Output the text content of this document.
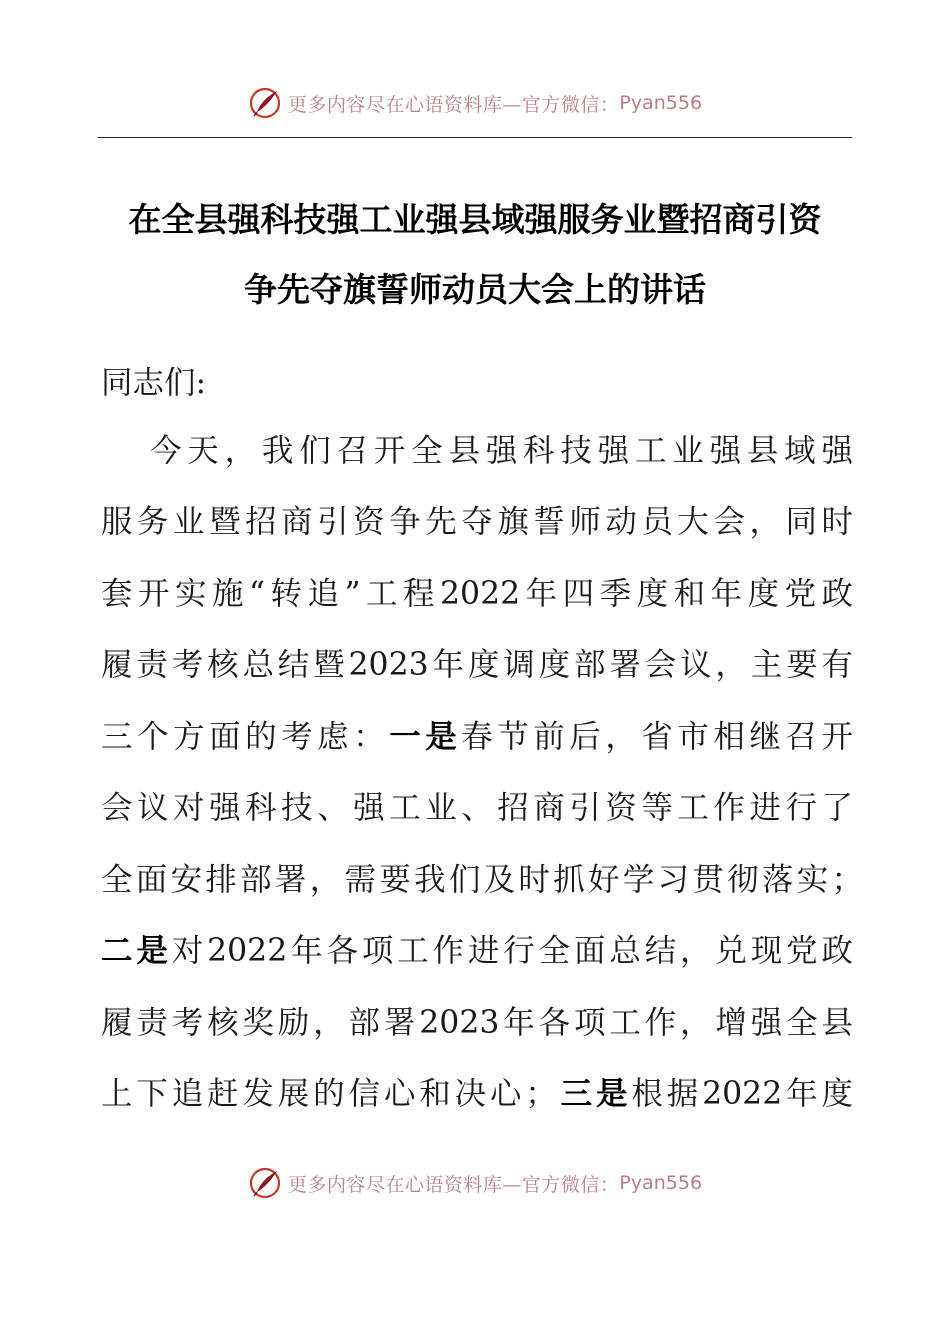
更多内容尽在心语资料库—官方微信： Pyan556
在全县强科技强工业强县域强服务业暨招商引资
争先夺旗誓师动员大会上的讲话
同志们:
今天，我们召开全县强科技强工业强县域强
服务业暨招商引资争先夺旗誓师动员大会，同时
套开实施“转追”工程2022年四季度和年度党政
履责考核总结暨2023年度调度部署会议，主要有
三个方面的考虑：一是春节前后，省市相继召开
会议对强科技、强工业、招商引资等工作进行了
全面安排部署，需要我们及时抓好学习贯彻落实；
二是对2022年各项工作进行全面总结，兑现党政
履责考核奖励，部署2023年各项工作，增强全县
上下追赶发展的信心和决心；三是根据2022年度
更多内容尽在心语资料库—官方微信： Pyan556
